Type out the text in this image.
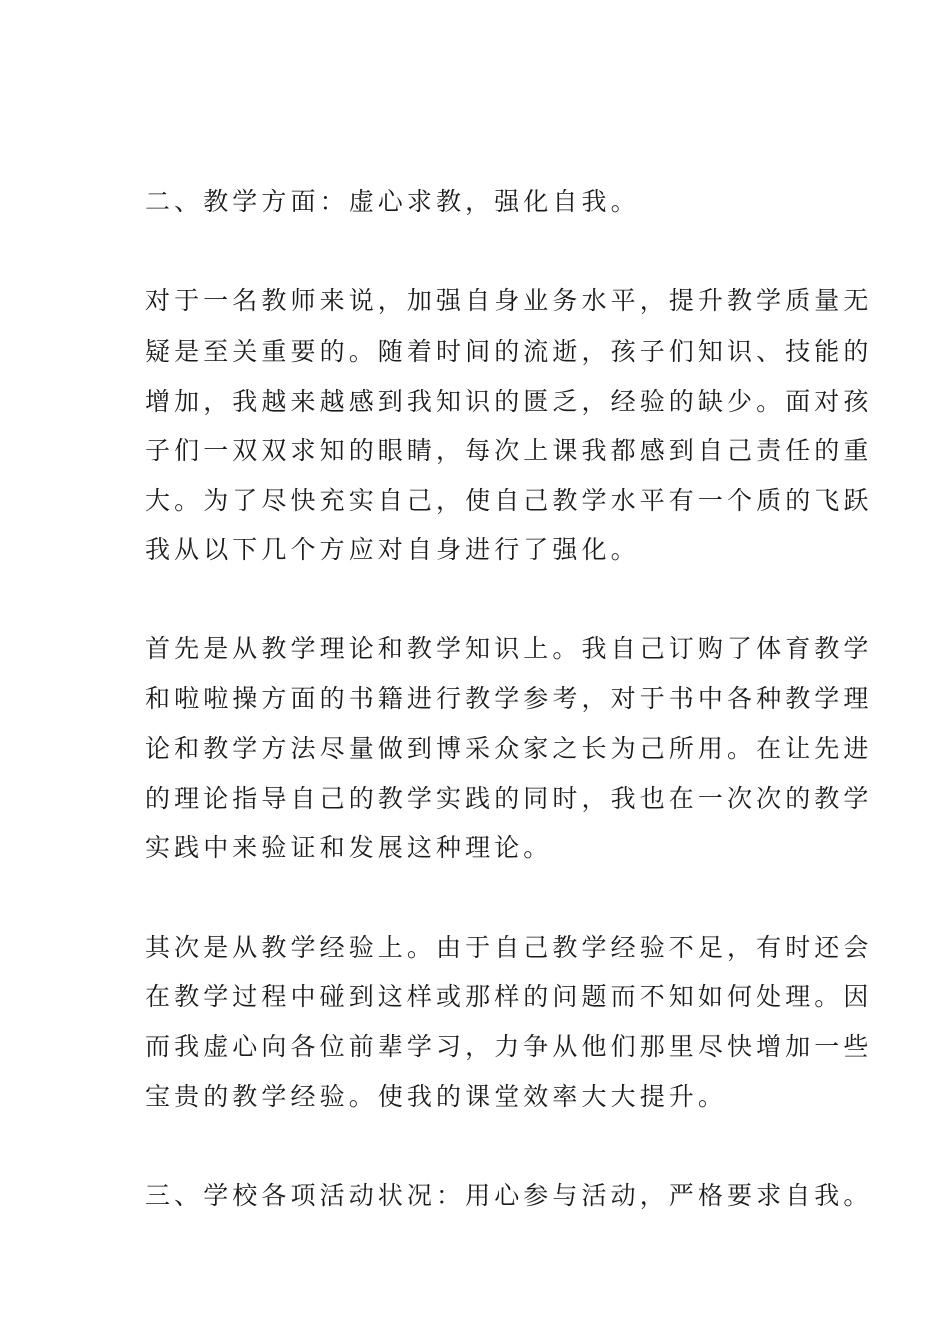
二、教学方面：虚心求教，强化自我。

对于一名教师来说，加强自身业务水平，提升教学质量无

疑是至关重要的。随着时间的流逝，孩子们知识、技能的

增加，我越来越感到我知识的匮乏，经验的缺少。面对孩

子们一双双求知的眼睛，每次上课我都感到自己责任的重

大。为了尽快充实自己，使自己教学水平有一个质的飞跃

我从以下几个方应对自身进行了强化。

首先是从教学理论和教学知识上。我自己订购了体育教学

和啦啦操方面的书籍进行教学参考，对于书中各种教学理

论和教学方法尽量做到博采众家之长为己所用。在让先进

的理论指导自己的教学实践的同时，我也在一次次的教学

实践中来验证和发展这种理论。

其次是从教学经验上。由于自己教学经验不足，有时还会

在教学过程中碰到这样或那样的问题而不知如何处理。因

而我虚心向各位前辈学习，力争从他们那里尽快增加一些

宝贵的教学经验。使我的课堂效率大大提升。

三、学校各项活动状况：用心参与活动，严格要求自我。
